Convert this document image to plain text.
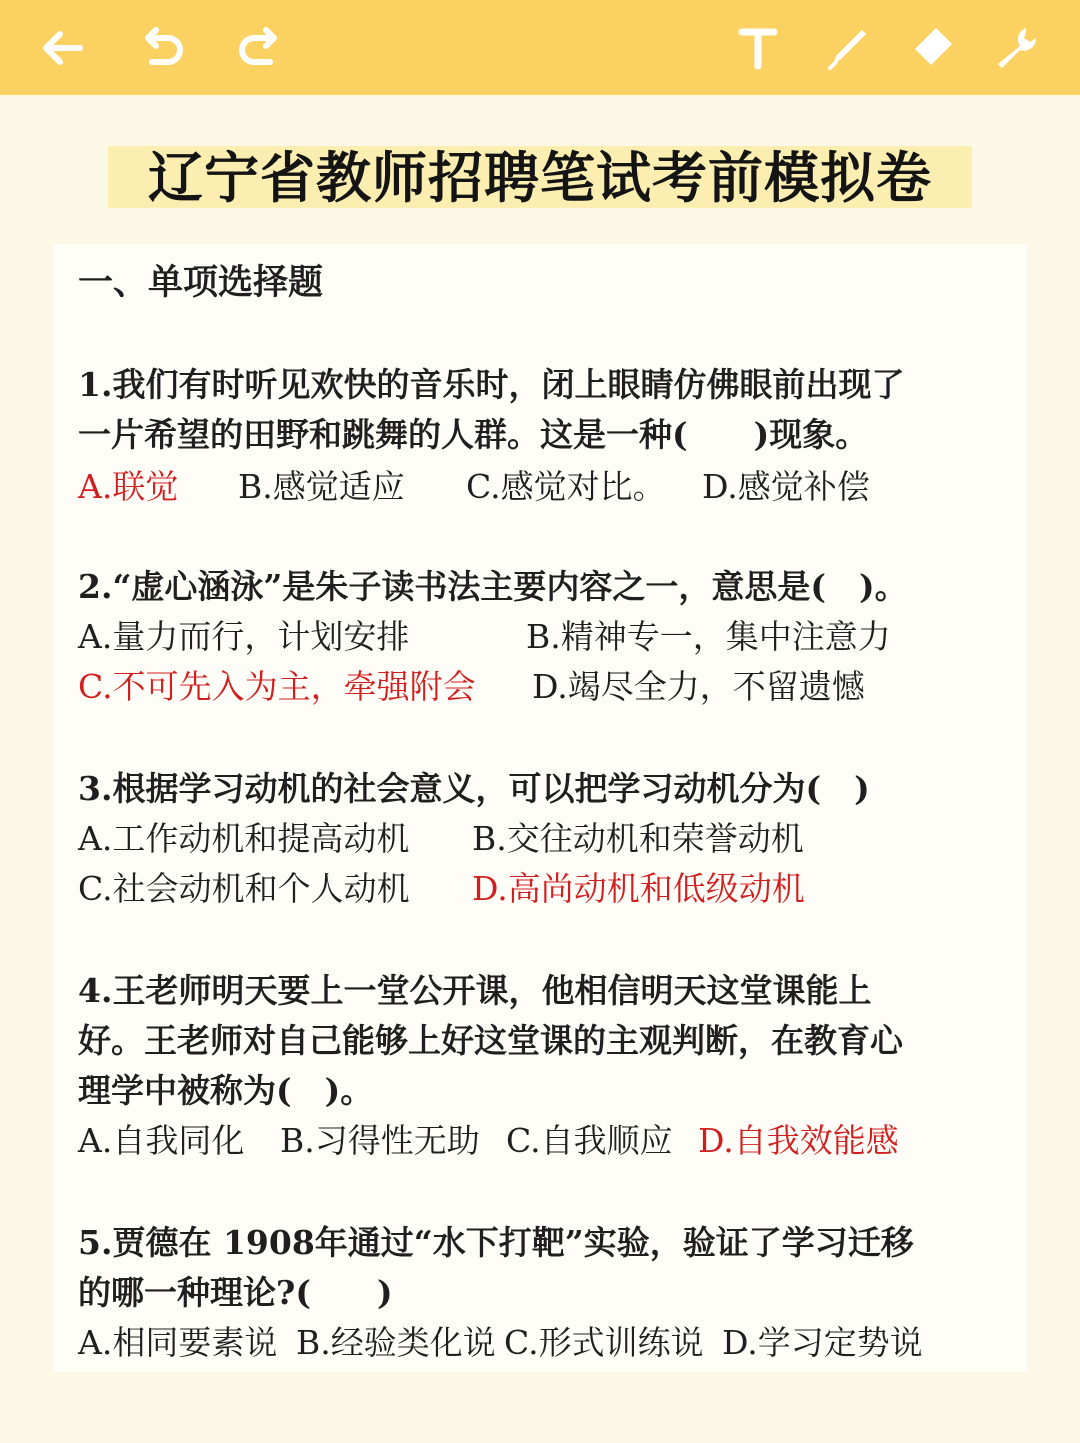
辽宁省教师招聘笔试考前模拟卷
一、单项选择题
1.我们有时听见欢快的音乐时，闭上眼睛仿佛眼前出现了
一片希望的田野和跳舞的人群。这是一种(　　)现象。
A.联觉 B.感觉适应 C.感觉对比。 D.感觉补偿
2.“虚心涵泳”是朱子读书法主要内容之一，意思是(　)。
A.量力而行，计划安排	B.精神专一，集中注意力
C.不可先入为主，牵强附会 D.竭尽全力，不留遗憾
3.根据学习动机的社会意义，可以把学习动机分为(　)
A.工作动机和提高动机 B.交往动机和荣誉动机
C.社会动机和个人动机 D.高尚动机和低级动机
4.王老师明天要上一堂公开课，他相信明天这堂课能上
好。王老师对自己能够上好这堂课的主观判断，在教育心
理学中被称为(　)。
A.自我同化 B.习得性无助 C.自我顺应 D.自我效能感
5.贾德在 1908年通过“水下打靶”实验，验证了学习迁移
的哪一种理论?(　　)
A.相同要素说 B.经验类化说 C.形式训练说 D.学习定势说
